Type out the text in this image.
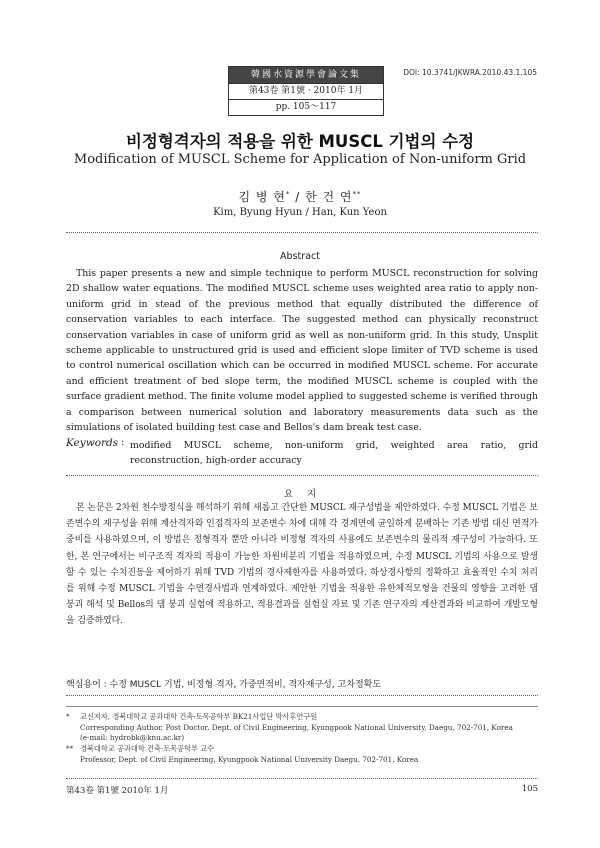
韓國水資源學會論文集
第43卷 第1號 · 2010年 1月
pp. 105～117
DOI: 10.3741/JKWRA.2010.43.1.105
비정형격자의 적용을 위한 MUSCL 기법의 수정
Modification of MUSCL Scheme for Application of Non-uniform Grid
김 병 현* / 한 건 연**
Kim, Byung Hyun / Han, Kun Yeon
Abstract
This paper presents a new and simple technique to perform MUSCL reconstruction for solving 2D shallow water equations. The modified MUSCL scheme uses weighted area ratio to apply non-uniform grid in stead of the previous method that equally distributed the difference of conservation variables to each interface. The suggested method can physically reconstruct conservation variables in case of uniform grid as well as non-uniform grid. In this study, Unsplit scheme applicable to unstructured grid is used and efficient slope limiter of TVD scheme is used to control numerical oscillation which can be occurred in modified MUSCL scheme. For accurate and efficient treatment of bed slope term, the modified MUSCL scheme is coupled with the surface gradient method. The finite volume model applied to suggested scheme is verified through a comparison between numerical solution and laboratory measurements data such as the simulations of isolated building test case and Bellos's dam break test case.
Keywords : modified MUSCL scheme, non-uniform grid, weighted area ratio, grid reconstruction, high-order accuracy
요지
본 논문은 2차원 천수방정식을 해석하기 위해 새롭고 간단한 MUSCL 재구성법을 제안하였다. 수정 MUSCL 기법은 보존변수의 재구성을 위해 계산격자와 인접격자의 보존변수 차에 대해 각 경계면에 균일하게 분배하는 기존 방법 대신 면적가중비를 사용하였으며, 이 방법은 정형격자 뿐만 아니라 비정형 격자의 사용에도 보존변수의 물리적 재구성이 가능하다. 또한, 본 연구에서는 비구조적 격자의 적용이 가능한 차원비분리 기법을 적용하였으며, 수정 MUSCL 기법의 사용으로 발생할 수 있는 수치진동을 제어하기 위해 TVD 기법의 경사제한자를 사용하였다. 하상경사항의 정확하고 효율적인 수치 처리를 위해 수정 MUSCL 기법을 수면경사법과 연계하였다. 제안한 기법을 적용한 유한체적모형을 건물의 영향을 고려한 댐 붕괴 해석 및 Bellos의 댐 붕괴 실험에 적용하고, 적용결과를 실험실 자료 및 기존 연구자의 계산결과와 비교하여 개발모형을 검증하였다.
핵심용어 : 수정 MUSCL 기법, 비정형 격자, 가중면적비, 격자재구성, 고차정확도
* 교신저자, 경북대학교 공과대학 건축·토목공학부 BK21사업단 박사후연구원
Corresponding Author, Post Doctor, Dept. of Civil Engineering, Kyungpook National University, Daegu, 702-701, Korea
(e-mail: hydrobk@knu.ac.kr)
** 경북대학교 공과대학 건축·토목공학부 교수
Professor, Dept. of Civil Engineering, Kyungpook National University Daegu, 702-701, Korea
第43卷 第1號 2010年 1月	105
